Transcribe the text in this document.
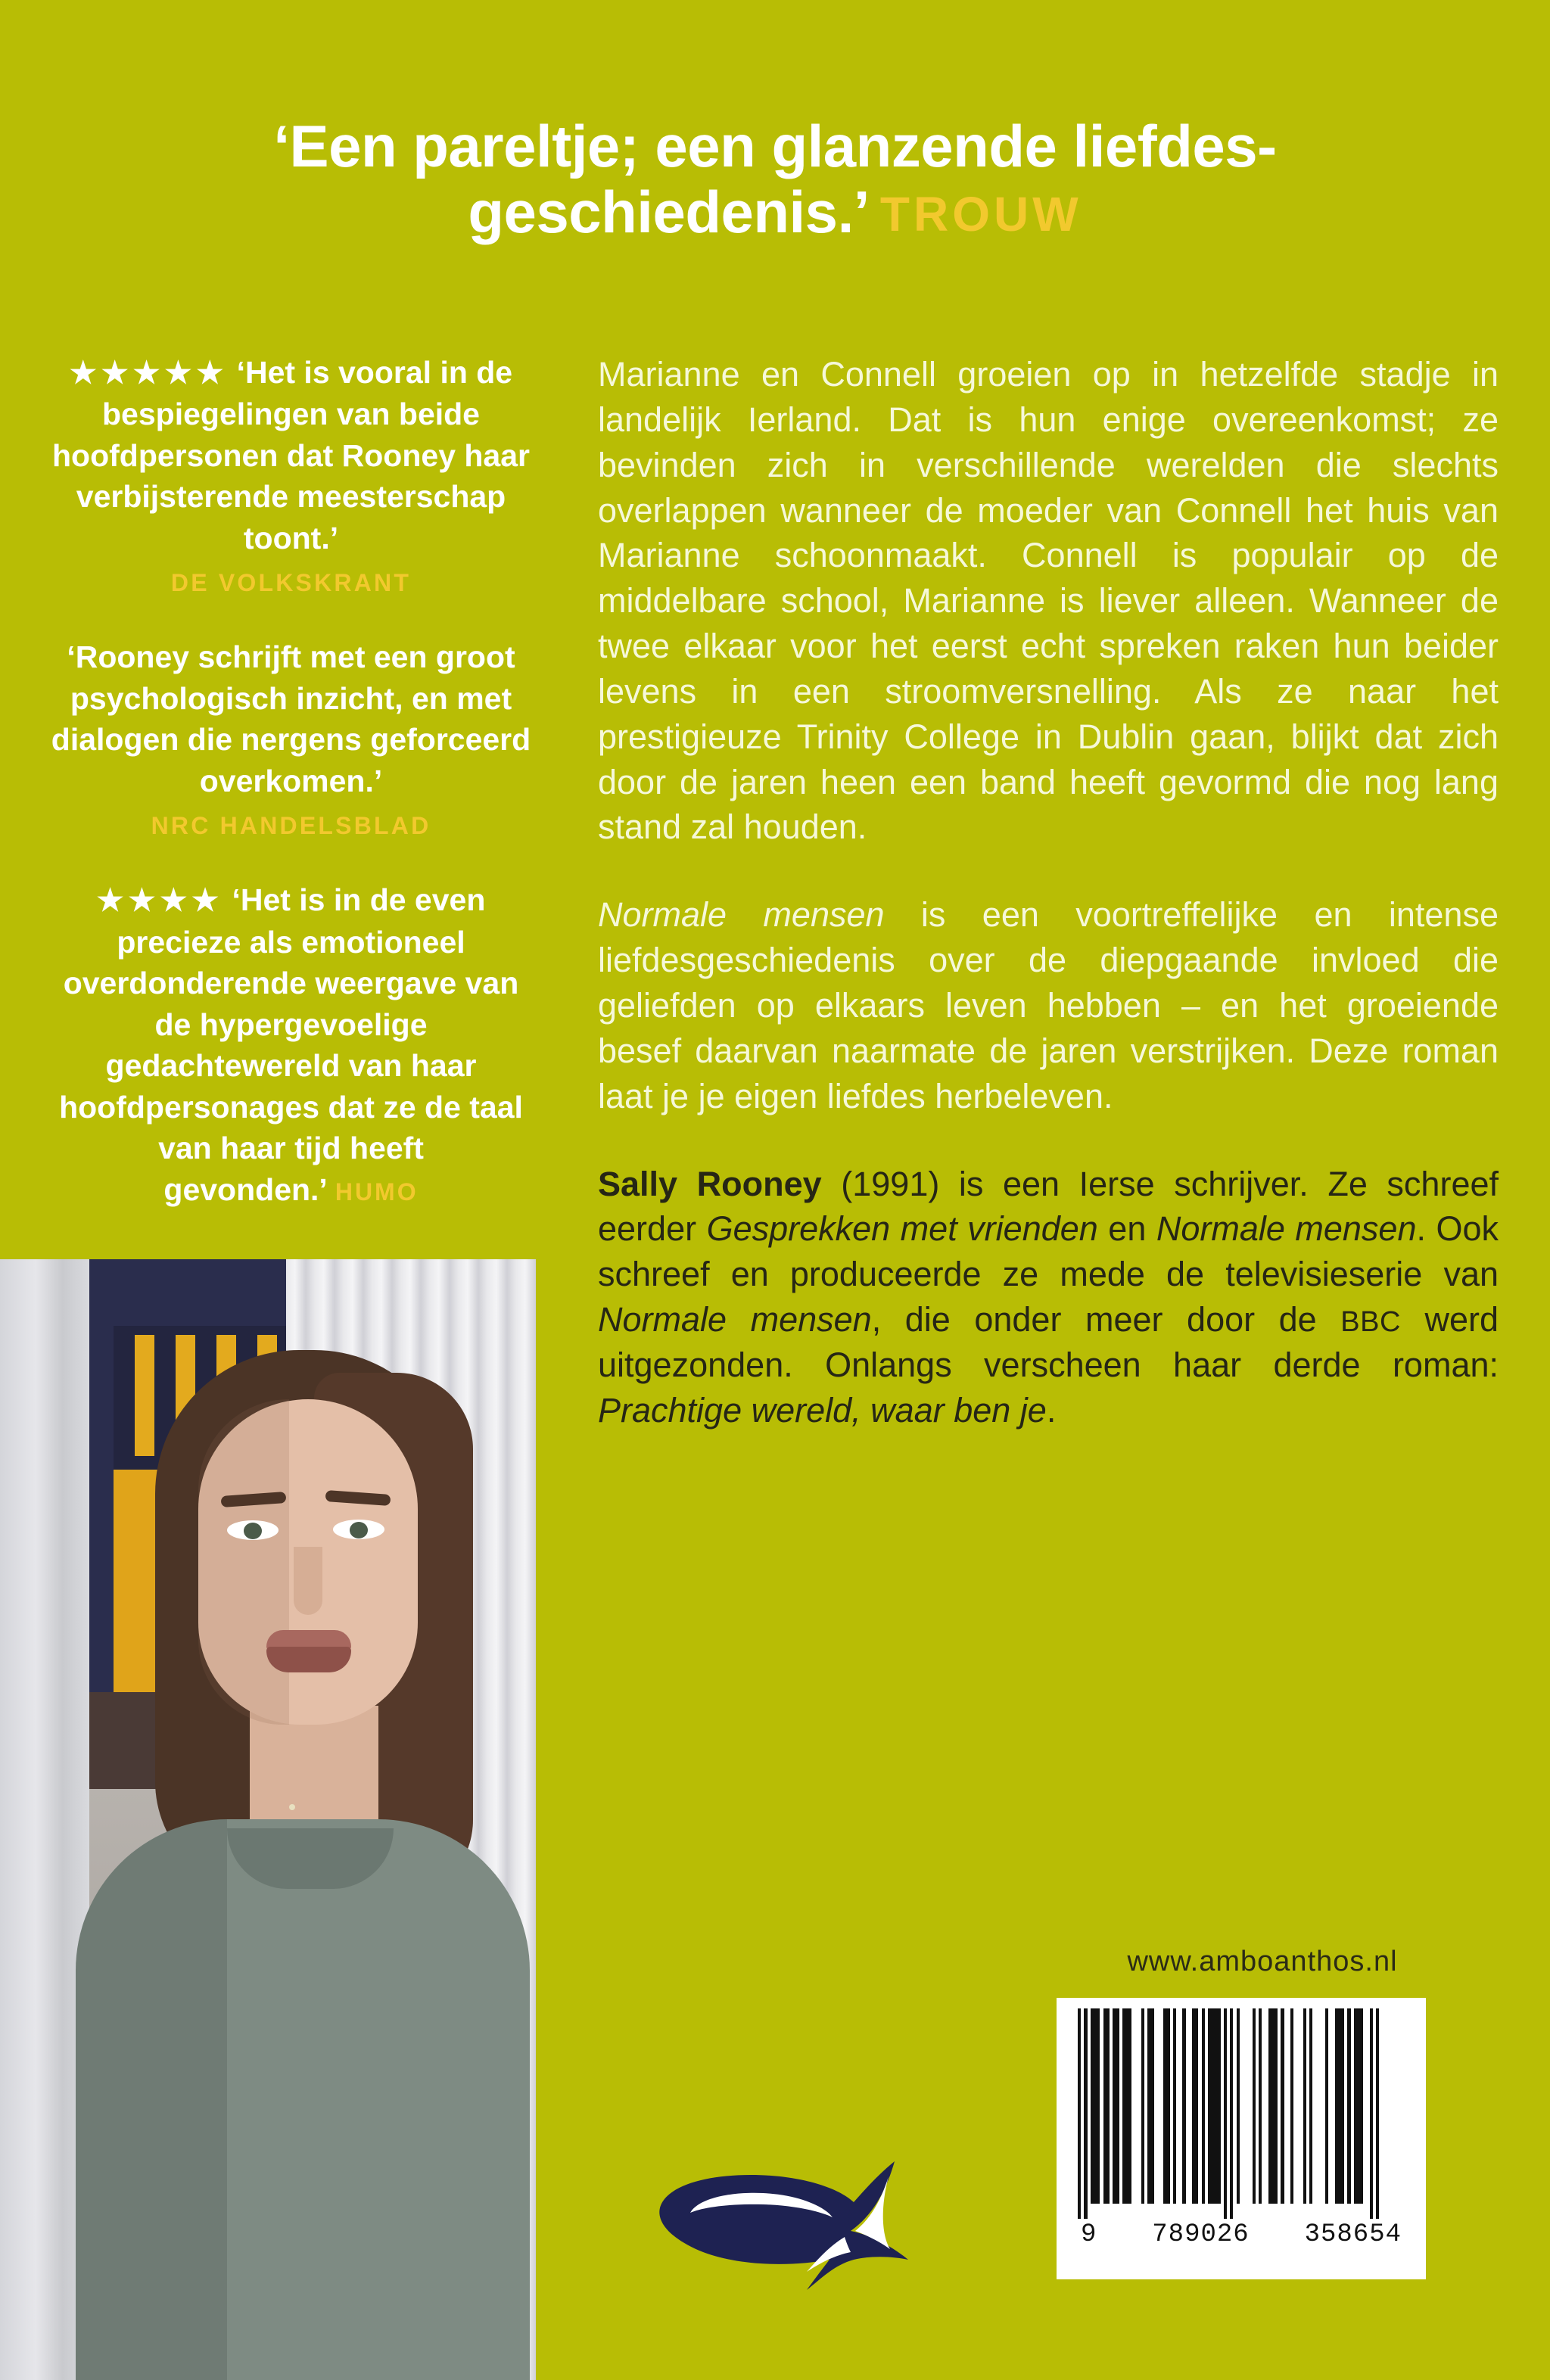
‘Een pareltje; een glanzende liefdes-geschiedenis.’ TROUW
★★★★★ ‘Het is vooral in de bespiegelingen van beide hoofdpersonen dat Rooney haar verbijsterende meesterschap toont.’
DE VOLKSKRANT
‘Rooney schrijft met een groot psychologisch inzicht, en met dialogen die nergens geforceerd overkomen.’
NRC HANDELSBLAD
★★★★ ‘Het is in de even precieze als emotioneel overdonderende weergave van de hypergevoelige gedachtewereld van haar hoofdpersonages dat ze de taal van haar tijd heeft gevonden.’ HUMO

Marianne en Connell groeien op in hetzelfde stadje in landelijk Ierland. Dat is hun enige overeenkomst; ze bevinden zich in verschillende werelden die slechts overlappen wanneer de moeder van Connell het huis van Marianne schoonmaakt. Connell is populair op de middelbare school, Marianne is liever alleen. Wanneer de twee elkaar voor het eerst echt spreken raken hun beider levens in een stroomversnelling. Als ze naar het prestigieuze Trinity College in Dublin gaan, blijkt dat zich door de jaren heen een band heeft gevormd die nog lang stand zal houden.

Normale mensen is een voortreffelijke en intense liefdesgeschiedenis over de diepgaande invloed die geliefden op elkaars leven hebben – en het groeiende besef daarvan naarmate de jaren verstrijken. Deze roman laat je je eigen liefdes herbeleven.

Sally Rooney (1991) is een Ierse schrijver. Ze schreef eerder Gesprekken met vrienden en Normale mensen. Ook schreef en produceerde ze mede de televisieserie van Normale mensen, die onder meer door de BBC werd uitgezonden. Onlangs verscheen haar derde roman: Prachtige wereld, waar ben je.

www.amboanthos.nl
9 789026 358654
